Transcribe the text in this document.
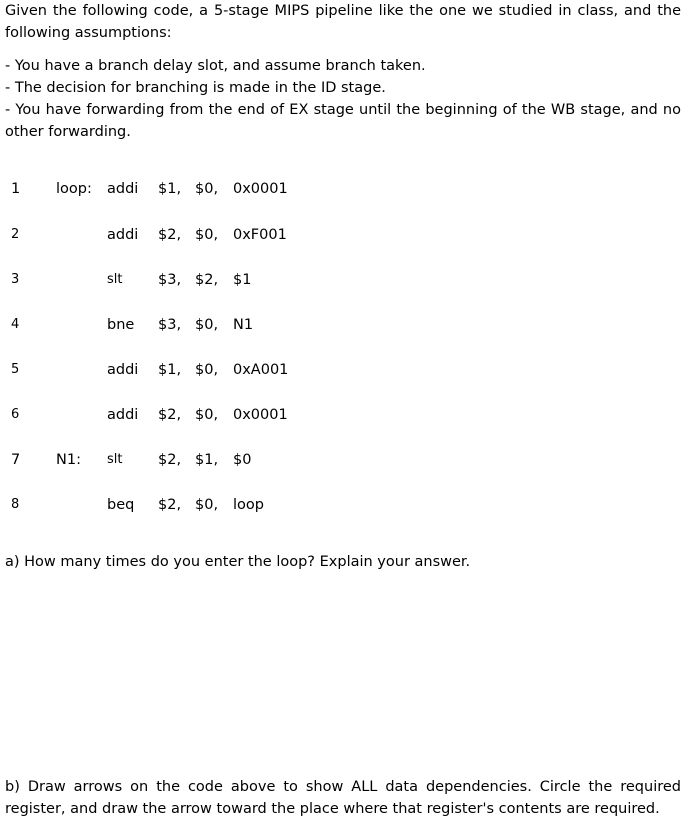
Given the following code, a 5-stage MIPS pipeline like the one we studied in class, and the following assumptions:
- You have a branch delay slot, and assume branch taken.
- The decision for branching is made in the ID stage.
- You have forwarding from the end of EX stage until the beginning of the WB stage, and no other forwarding.
1 loop: addi $1, $0, 0x0001
2	addi $2, $0, 0xF001
3	slt $3, $2, $1
4	bne $3, $0, N1
5	addi $1, $0, 0xA001
6	addi $2, $0, 0x0001
7 N1: slt $2, $1, $0
8	beq $2, $0, loop
a) How many times do you enter the loop? Explain your answer.
b) Draw arrows on the code above to show ALL data dependencies. Circle the required register, and draw the arrow toward the place where that register's contents are required.
